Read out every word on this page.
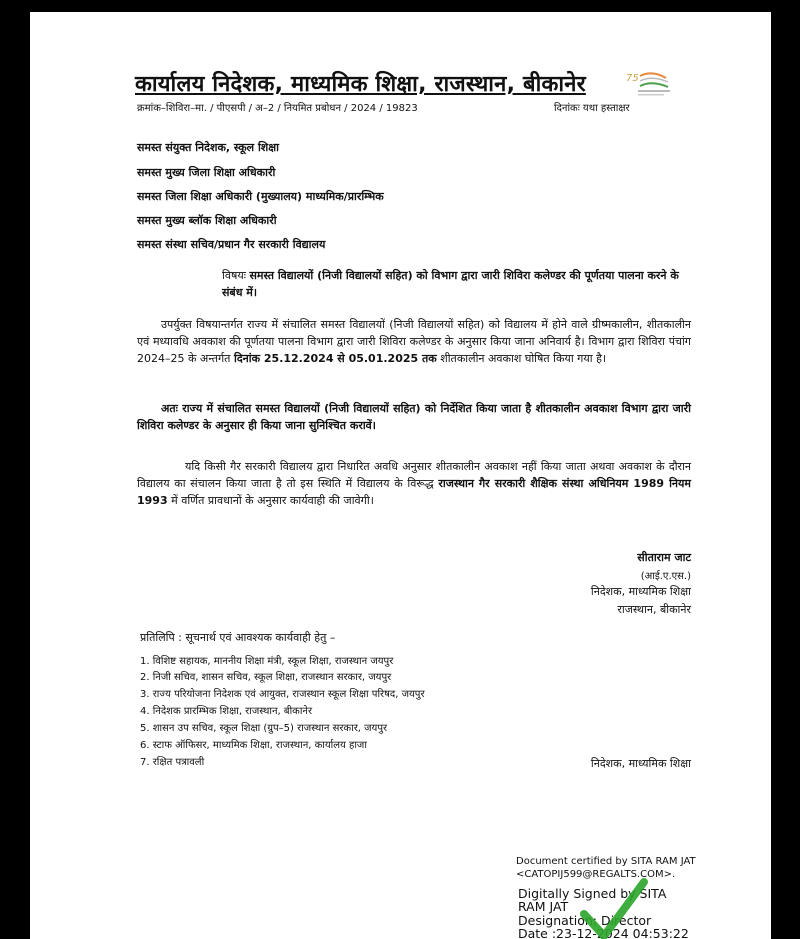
कार्यालय निदेशक, माध्यमिक शिक्षा, राजस्थान, बीकानेर	75
क्रमांक–शिविरा–मा. / पीएसपी / अ–2 / नियमित प्रबोधन / 2024 / 19823	दिनांकः यथा हस्ताक्षर
समस्त संयुक्त निदेशक, स्कूल शिक्षा
समस्त मुख्य जिला शिक्षा अधिकारी
समस्त जिला शिक्षा अधिकारी (मुख्यालय) माध्यमिक/प्रारम्भिक
समस्त मुख्य ब्लॉक शिक्षा अधिकारी
समस्त संस्था सचिव/प्रधान गैर सरकारी विद्यालय
विषयः समस्त विद्यालयों (निजी विद्यालयों सहित) को विभाग द्वारा जारी शिविरा कलेण्डर की पूर्णतया पालना करने के संबंध में।
उपर्युक्त विषयान्तर्गत राज्य में संचालित समस्त विद्यालयों (निजी विद्यालयों सहित) को विद्यालय में होने वाले ग्रीष्मकालीन, शीतकालीन एवं मध्यावधि अवकाश की पूर्णतया पालना विभाग द्वारा जारी शिविरा कलेण्डर के अनुसार किया जाना अनिवार्य है। विभाग द्वारा शिविरा पंचांग 2024–25 के अन्तर्गत दिनांक 25.12.2024 से 05.01.2025 तक शीतकालीन अवकाश घोषित किया गया है।
अतः राज्य में संचालित समस्त विद्यालयों (निजी विद्यालयों सहित) को निर्देशित किया जाता है शीतकालीन अवकाश विभाग द्वारा जारी शिविरा कलेण्डर के अनुसार ही किया जाना सुनिश्चित करावें।
यदि किसी गैर सरकारी विद्यालय द्वारा निधारित अवधि अनुसार शीतकालीन अवकाश नहीं किया जाता अथवा अवकाश के दौरान विद्यालय का संचालन किया जाता है तो इस स्थिति में विद्यालय के विरूद्ध राजस्थान गैर सरकारी शैक्षिक संस्था अधिनियम 1989 नियम 1993 में वर्णित प्रावधानों के अनुसार कार्यवाही की जावेगी।
सीताराम जाट
(आई.ए.एस.)
निदेशक, माध्यमिक शिक्षा
राजस्थान, बीकानेर
प्रतिलिपि : सूचनार्थ एवं आवश्यक कार्यवाही हेतु –
1. विशिष्ट सहायक, माननीय शिक्षा मंत्री, स्कूल शिक्षा, राजस्थान जयपुर
2. निजी सचिव, शासन सचिव, स्कूल शिक्षा, राजस्थान सरकार, जयपुर
3. राज्य परियोजना निदेशक एवं आयुक्त, राजस्थान स्कूल शिक्षा परिषद, जयपुर
4. निदेशक प्रारम्भिक शिक्षा, राजस्थान, बीकानेर
5. शासन उप सचिव, स्कूल शिक्षा (ग्रुप–5) राजस्थान सरकार, जयपुर
6. स्टाफ ऑफिसर, माध्यमिक शिक्षा, राजस्थान, कार्यालय हाजा
7. रक्षित पत्रावली	निदेशक, माध्यमिक शिक्षा
Document certified by SITA RAM JAT
<CATOPIJ599@REGALTS.COM>.
Digitally Signed by SITA
RAM JAT
Designation: Director
Date :23-12-2024 04:53:22
